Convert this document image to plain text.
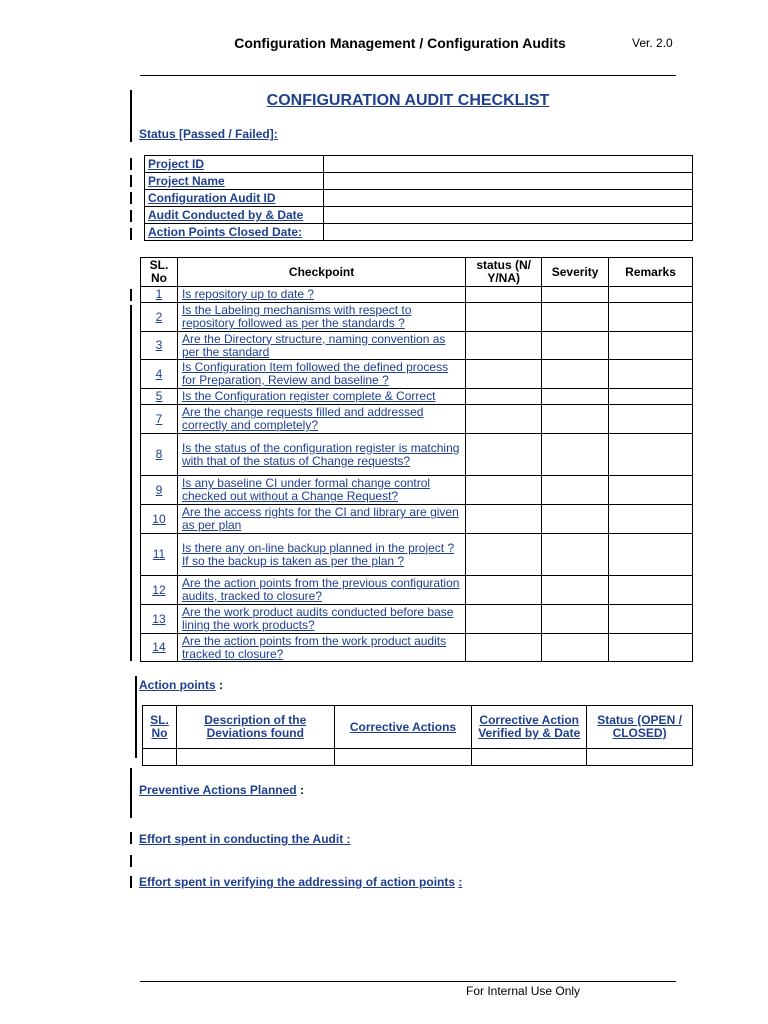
Configuration Management / Configuration Audits	Ver. 2.0
CONFIGURATION AUDIT CHECKLIST
Status [Passed / Failed]:
Project ID	
Project Name	
Configuration Audit ID	
Audit Conducted by & Date	
Action Points Closed Date:	
SL. No	Checkpoint	status (N/ Y/NA)	Severity	Remarks
1	Is repository up to date ?			
2	Is the Labeling mechanisms with respect to repository followed as per the standards ?			
3	Are the Directory structure, naming convention as per the standard			
4	Is Configuration Item followed the defined process for Preparation, Review and baseline ?			
5	Is the Configuration register complete & Correct			
7	Are the change requests filled and addressed correctly and completely?			
8	Is the status of the configuration register is matching with that of the status of Change requests?			
9	Is any baseline CI under formal change control checked out without a Change Request?			
10	Are the access rights for the CI and library are given as per plan			
11	Is there any on-line backup planned in the project ? If so the backup is taken as per the plan ?			
12	Are the action points from the previous configuration audits, tracked to closure?			
13	Are the work product audits conducted before base lining the work products?			
14	Are the action points from the work product audits tracked to closure?			
Action points :
SL. No	Description of the Deviations found	Corrective Actions	Corrective Action Verified by & Date	Status (OPEN / CLOSED)

Preventive Actions Planned :
Effort spent in conducting the Audit :
Effort spent in verifying the addressing of action points :
For Internal Use Only
